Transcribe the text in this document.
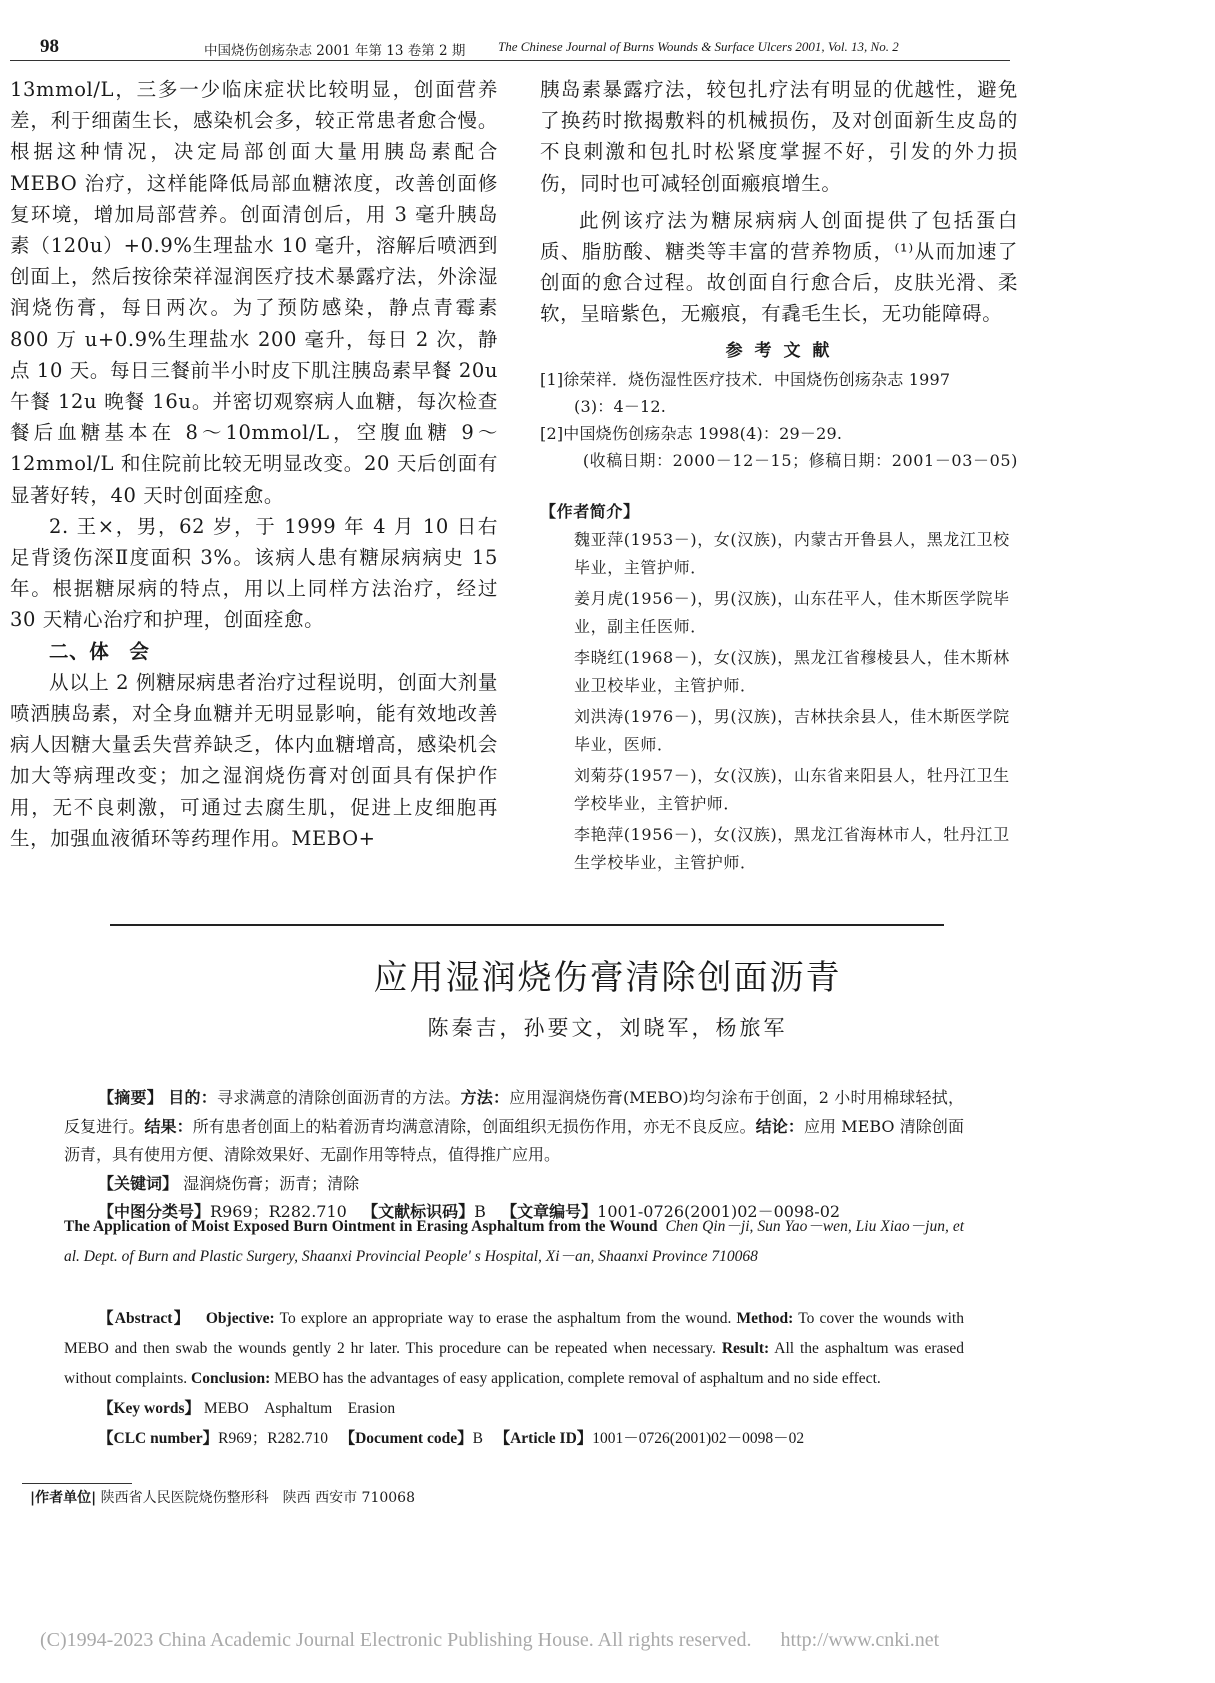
98	中国烧伤创疡杂志 2001 年第 13 卷第 2 期	The Chinese Journal of Burns Wounds & Surface Ulcers 2001, Vol. 13, No. 2

13mmol/L，三多一少临床症状比较明显，创面营养差，利于细菌生长，感染机会多，较正常患者愈合慢。根据这种情况，决定局部创面大量用胰岛素配合 MEBO 治疗，这样能降低局部血糖浓度，改善创面修复环境，增加局部营养。创面清创后，用 3 毫升胰岛素（120u）+0.9%生理盐水 10 毫升，溶解后喷洒到创面上，然后按徐荣祥湿润医疗技术暴露疗法，外涂湿润烧伤膏，每日两次。为了预防感染，静点青霉素 800 万 u+0.9%生理盐水 200 毫升，每日 2 次，静点 10 天。每日三餐前半小时皮下肌注胰岛素早餐 20u 午餐 12u 晚餐 16u。并密切观察病人血糖，每次检查餐后血糖基本在 8～10mmol/L，空腹血糖 9～12mmol/L 和住院前比较无明显改变。20 天后创面有显著好转，40 天时创面痊愈。

2. 王×，男，62 岁，于 1999 年 4 月 10 日右足背烫伤深Ⅱ度面积 3%。该病人患有糖尿病病史 15 年。根据糖尿病的特点，用以上同样方法治疗，经过 30 天精心治疗和护理，创面痊愈。

二、体　会

从以上 2 例糖尿病患者治疗过程说明，创面大剂量喷洒胰岛素，对全身血糖并无明显影响，能有效地改善病人因糖大量丢失营养缺乏，体内血糖增高，感染机会加大等病理改变；加之湿润烧伤膏对创面具有保护作用，无不良刺激，可通过去腐生肌，促进上皮细胞再生，加强血液循环等药理作用。MEBO+

胰岛素暴露疗法，较包扎疗法有明显的优越性，避免了换药时揿揭敷料的机械损伤，及对创面新生皮岛的不良刺激和包扎时松紧度掌握不好，引发的外力损伤，同时也可减轻创面瘢痕增生。

此例该疗法为糖尿病病人创面提供了包括蛋白质、脂肪酸、糖类等丰富的营养物质，⁽¹⁾从而加速了创面的愈合过程。故创面自行愈合后，皮肤光滑、柔软，呈暗紫色，无瘢痕，有毳毛生长，无功能障碍。

参 考 文 献
[1]徐荣祥．烧伤湿性医疗技术．中国烧伤创疡杂志 1997
(3)：4－12.
[2]中国烧伤创疡杂志 1998(4)：29－29.
(收稿日期：2000－12－15；修稿日期：2001－03－05)
【作者简介】
魏亚萍(1953－)，女(汉族)，内蒙古开鲁县人，黑龙江卫校
毕业，主管护师．
姜月虎(1956－)，男(汉族)，山东茌平人，佳木斯医学院毕
业，副主任医师．
李晓红(1968－)，女(汉族)，黑龙江省穆棱县人，佳木斯林
业卫校毕业，主管护师．
刘洪涛(1976－)，男(汉族)，吉林扶余县人，佳木斯医学院
毕业，医师．
刘菊芬(1957－)，女(汉族)，山东省来阳县人，牡丹江卫生
学校毕业，主管护师．
李艳萍(1956－)，女(汉族)，黑龙江省海林市人，牡丹江卫
生学校毕业，主管护师．
应用湿润烧伤膏清除创面沥青
陈秦吉，孙要文，刘晓军，杨旅军

【摘要】 目的：寻求满意的清除创面沥青的方法。方法：应用湿润烧伤膏(MEBO)均匀涂布于创面，2 小时用棉球轻拭，反复进行。结果：所有患者创面上的粘着沥青均满意清除，创面组织无损伤作用，亦无不良反应。结论：应用 MEBO 清除创面沥青，具有使用方便、清除效果好、无副作用等特点，值得推广应用。

【关键词】 湿润烧伤膏；沥青；清除

【中图分类号】R969；R282.710 【文献标识码】B 【文章编号】1001-0726(2001)02－0098-02

The Application of Moist Exposed Burn Ointment in Erasing Asphaltum from the Wound Chen Qin－ji, Sun Yao－wen, Liu Xiao－jun, et al. Dept. of Burn and Plastic Surgery, Shaanxi Provincial People' s Hospital, Xi－an, Shaanxi Province 710068

【Abstract】 Objective: To explore an appropriate way to erase the asphaltum from the wound. Method: To cover the wounds with MEBO and then swab the wounds gently 2 hr later. This procedure can be repeated when necessary. Result: All the asphaltum was erased without complaints. Conclusion: MEBO has the advantages of easy application, complete removal of asphaltum and no side effect.

【Key words】 MEBO　Asphaltum　Erasion

【CLC number】R969；R282.710 【Document code】B 【Article ID】1001－0726(2001)02－0098－02

|作者单位| 陕西省人民医院烧伤整形科　陕西 西安市 710068
(C)1994-2023 China Academic Journal Electronic Publishing House. All rights reserved. http://www.cnki.net
